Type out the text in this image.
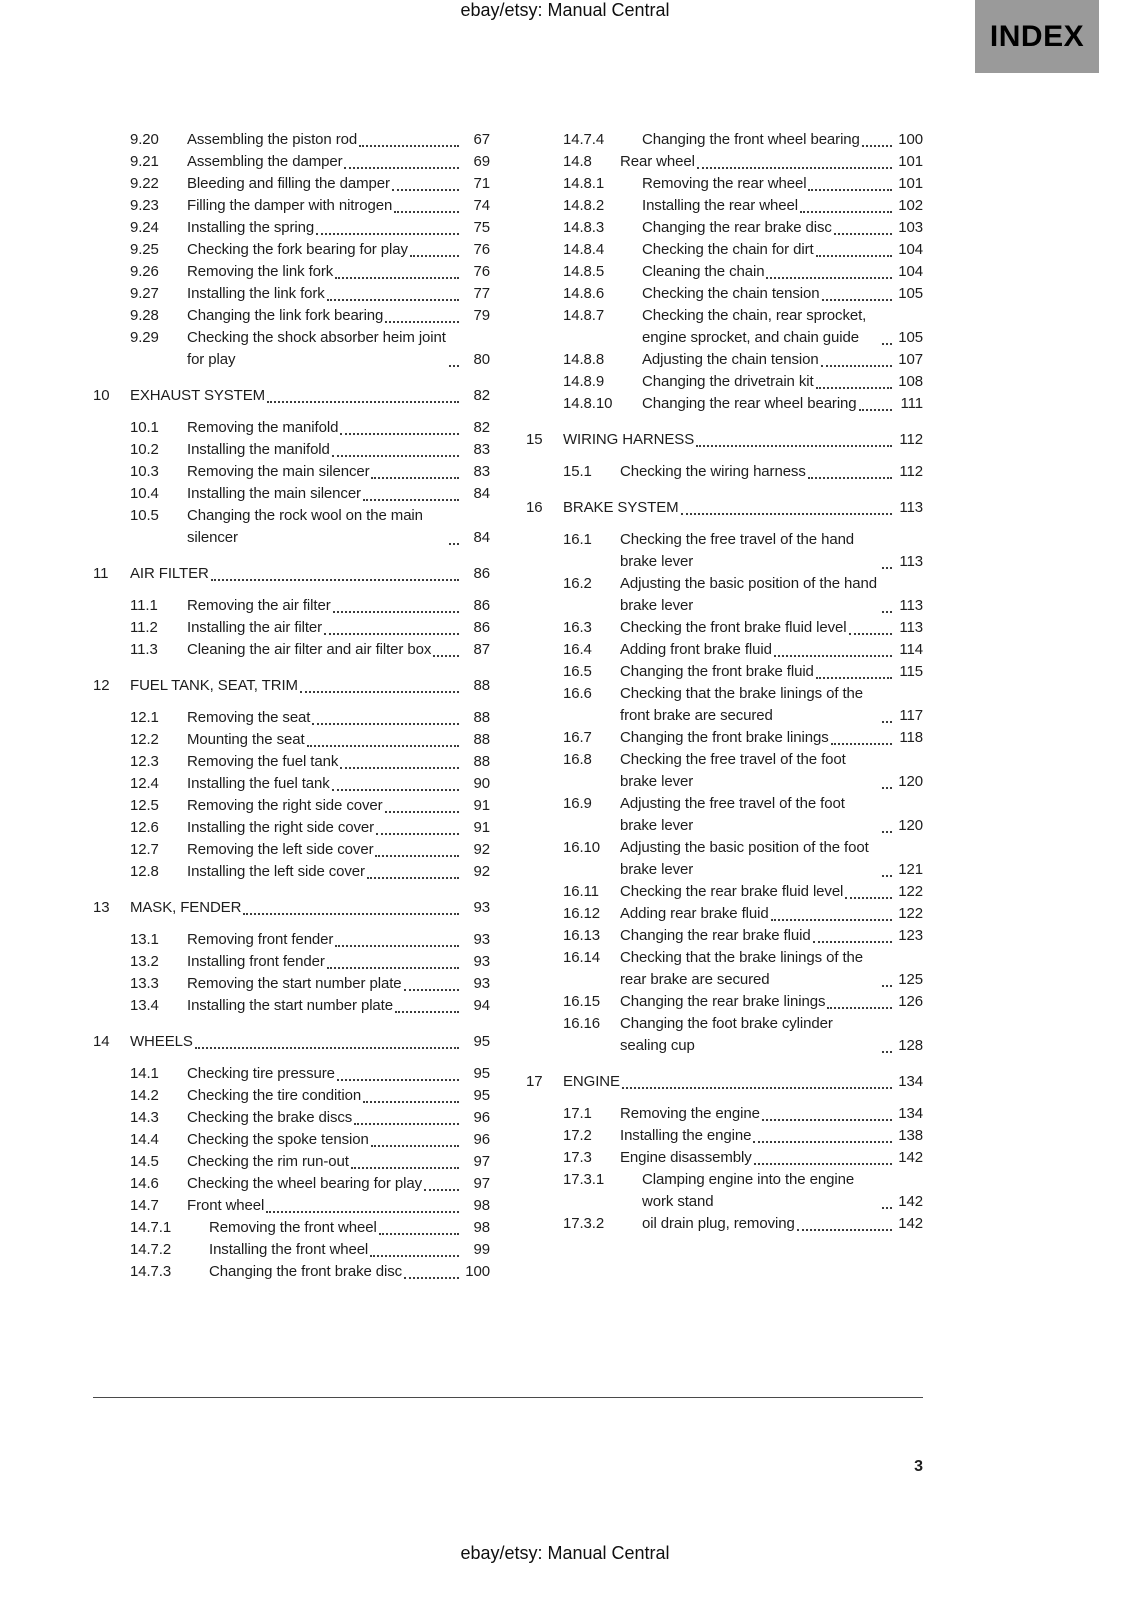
ebay/etsy: Manual Central
INDEX
9.20	Assembling the piston rod	67
9.21	Assembling the damper	69
9.22	Bleeding and filling the damper	71
9.23	Filling the damper with nitrogen	74
9.24	Installing the spring	75
9.25	Checking the fork bearing for play	76
9.26	Removing the link fork	76
9.27	Installing the link fork	77
9.28	Changing the link fork bearing	79
9.29	Checking the shock absorber heim joint for play	80
10	EXHAUST SYSTEM	82
10.1	Removing the manifold	82
10.2	Installing the manifold	83
10.3	Removing the main silencer	83
10.4	Installing the main silencer	84
10.5	Changing the rock wool on the main silencer	84
11	AIR FILTER	86
11.1	Removing the air filter	86
11.2	Installing the air filter	86
11.3	Cleaning the air filter and air filter box	87
12	FUEL TANK, SEAT, TRIM	88
12.1	Removing the seat	88
12.2	Mounting the seat	88
12.3	Removing the fuel tank	88
12.4	Installing the fuel tank	90
12.5	Removing the right side cover	91
12.6	Installing the right side cover	91
12.7	Removing the left side cover	92
12.8	Installing the left side cover	92
13	MASK, FENDER	93
13.1	Removing front fender	93
13.2	Installing front fender	93
13.3	Removing the start number plate	93
13.4	Installing the start number plate	94
14	WHEELS	95
14.1	Checking tire pressure	95
14.2	Checking the tire condition	95
14.3	Checking the brake discs	96
14.4	Checking the spoke tension	96
14.5	Checking the rim run-out	97
14.6	Checking the wheel bearing for play	97
14.7	Front wheel	98
14.7.1	Removing the front wheel	98
14.7.2	Installing the front wheel	99
14.7.3	Changing the front brake disc	100
14.7.4	Changing the front wheel bearing	100
14.8	Rear wheel	101
14.8.1	Removing the rear wheel	101
14.8.2	Installing the rear wheel	102
14.8.3	Changing the rear brake disc	103
14.8.4	Checking the chain for dirt	104
14.8.5	Cleaning the chain	104
14.8.6	Checking the chain tension	105
14.8.7	Checking the chain, rear sprocket, engine sprocket, and chain guide	105
14.8.8	Adjusting the chain tension	107
14.8.9	Changing the drivetrain kit	108
14.8.10	Changing the rear wheel bearing	111
15	WIRING HARNESS	112
15.1	Checking the wiring harness	112
16	BRAKE SYSTEM	113
16.1	Checking the free travel of the hand brake lever	113
16.2	Adjusting the basic position of the hand brake lever	113
16.3	Checking the front brake fluid level	113
16.4	Adding front brake fluid	114
16.5	Changing the front brake fluid	115
16.6	Checking that the brake linings of the front brake are secured	117
16.7	Changing the front brake linings	118
16.8	Checking the free travel of the foot brake lever	120
16.9	Adjusting the free travel of the foot brake lever	120
16.10	Adjusting the basic position of the foot brake lever	121
16.11	Checking the rear brake fluid level	122
16.12	Adding rear brake fluid	122
16.13	Changing the rear brake fluid	123
16.14	Checking that the brake linings of the rear brake are secured	125
16.15	Changing the rear brake linings	126
16.16	Changing the foot brake cylinder sealing cup	128
17	ENGINE	134
17.1	Removing the engine	134
17.2	Installing the engine	138
17.3	Engine disassembly	142
17.3.1	Clamping engine into the engine work stand	142
17.3.2	oil drain plug, removing	142
3
ebay/etsy: Manual Central
